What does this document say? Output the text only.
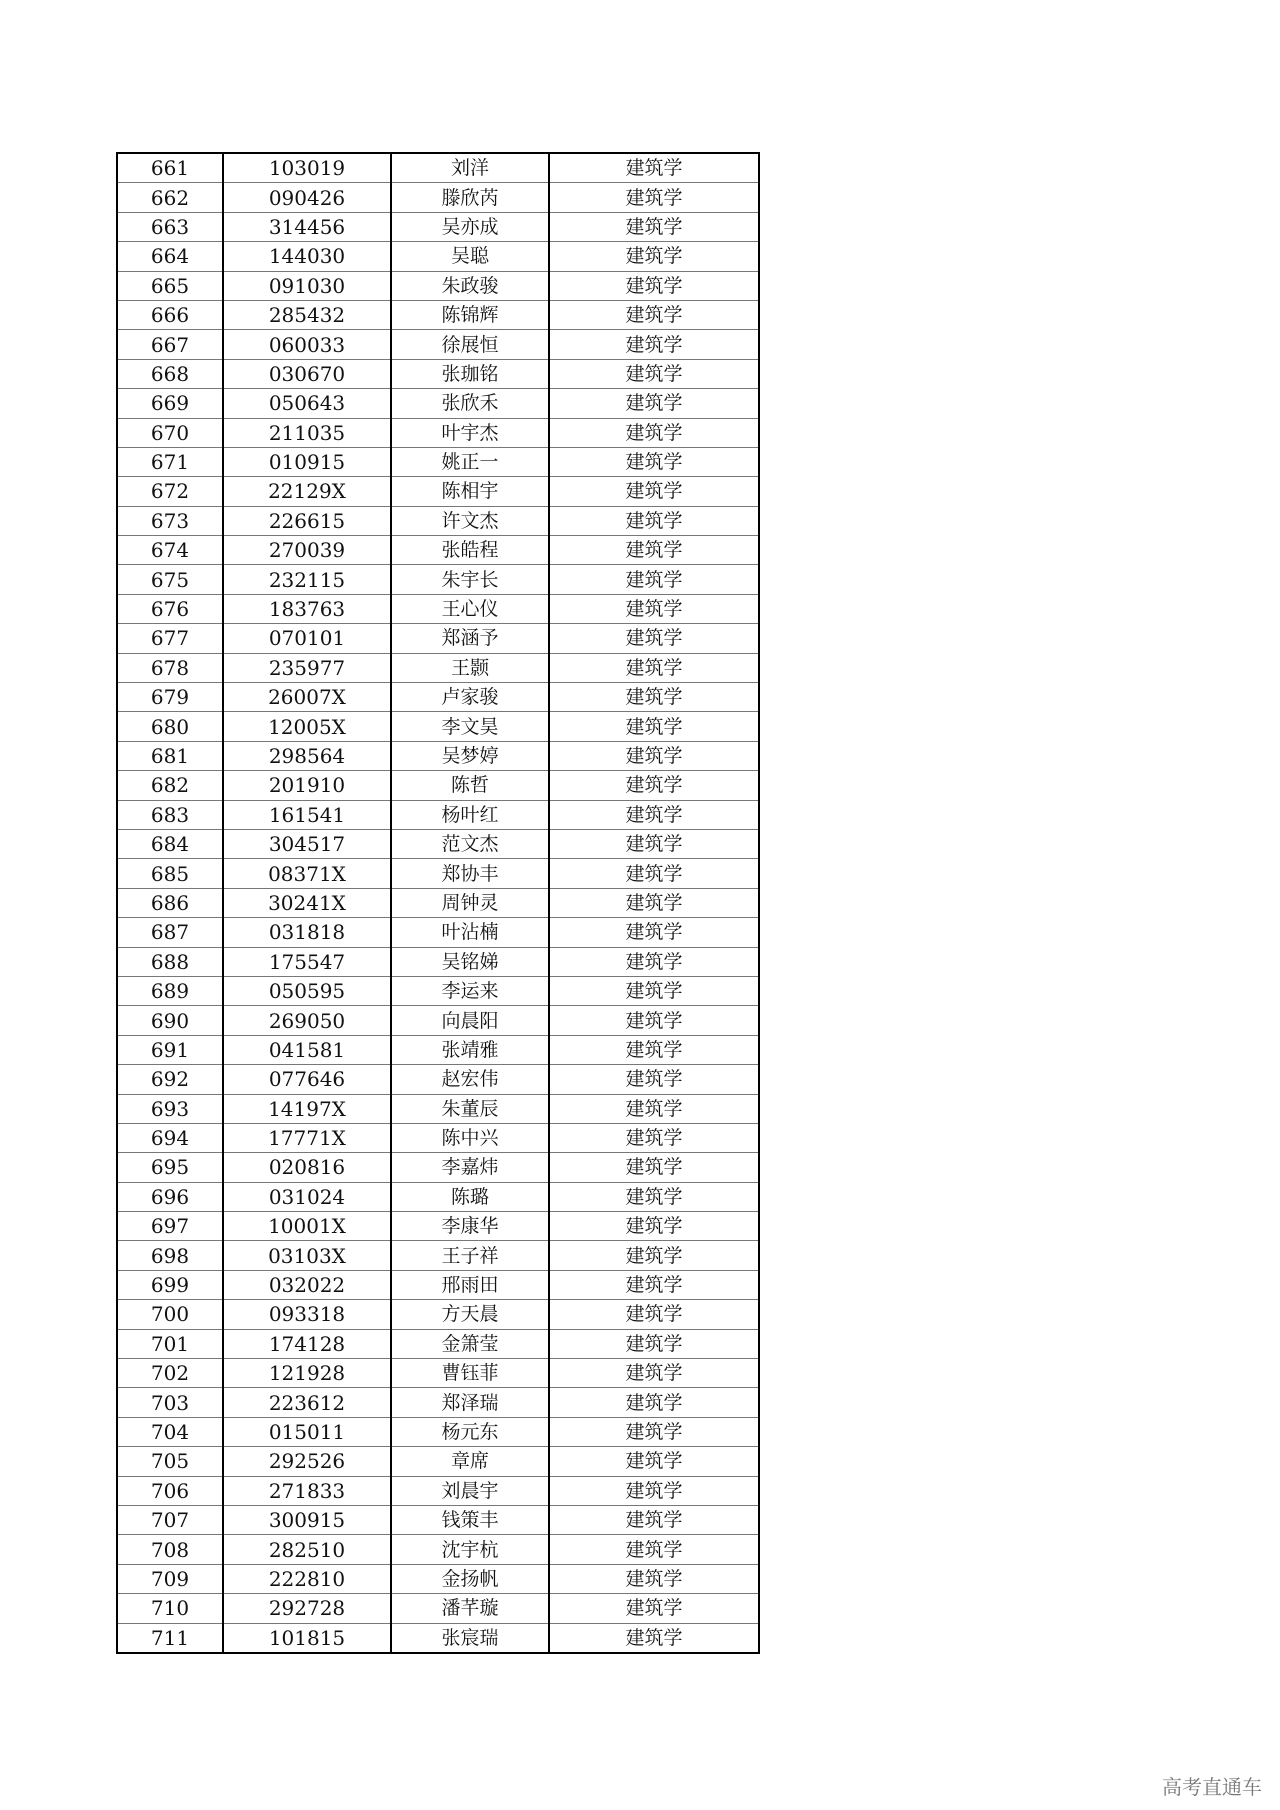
661	103019	刘洋	建筑学
662	090426	滕欣芮	建筑学
663	314456	吴亦成	建筑学
664	144030	吴聪	建筑学
665	091030	朱政骏	建筑学
666	285432	陈锦辉	建筑学
667	060033	徐展恒	建筑学
668	030670	张珈铭	建筑学
669	050643	张欣禾	建筑学
670	211035	叶宇杰	建筑学
671	010915	姚正一	建筑学
672	22129X	陈相宇	建筑学
673	226615	许文杰	建筑学
674	270039	张皓程	建筑学
675	232115	朱宇长	建筑学
676	183763	王心仪	建筑学
677	070101	郑涵予	建筑学
678	235977	王颢	建筑学
679	26007X	卢家骏	建筑学
680	12005X	李文昊	建筑学
681	298564	吴梦婷	建筑学
682	201910	陈哲	建筑学
683	161541	杨叶红	建筑学
684	304517	范文杰	建筑学
685	08371X	郑协丰	建筑学
686	30241X	周钟灵	建筑学
687	031818	叶沾楠	建筑学
688	175547	吴铭娣	建筑学
689	050595	李运来	建筑学
690	269050	向晨阳	建筑学
691	041581	张靖雅	建筑学
692	077646	赵宏伟	建筑学
693	14197X	朱董辰	建筑学
694	17771X	陈中兴	建筑学
695	020816	李嘉炜	建筑学
696	031024	陈璐	建筑学
697	10001X	李康华	建筑学
698	03103X	王子祥	建筑学
699	032022	邢雨田	建筑学
700	093318	方天晨	建筑学
701	174128	金箫莹	建筑学
702	121928	曹钰菲	建筑学
703	223612	郑泽瑞	建筑学
704	015011	杨元东	建筑学
705	292526	章席	建筑学
706	271833	刘晨宇	建筑学
707	300915	钱策丰	建筑学
708	282510	沈宇杭	建筑学
709	222810	金扬帆	建筑学
710	292728	潘芊璇	建筑学
711	101815	张宸瑞	建筑学
高考直通车
